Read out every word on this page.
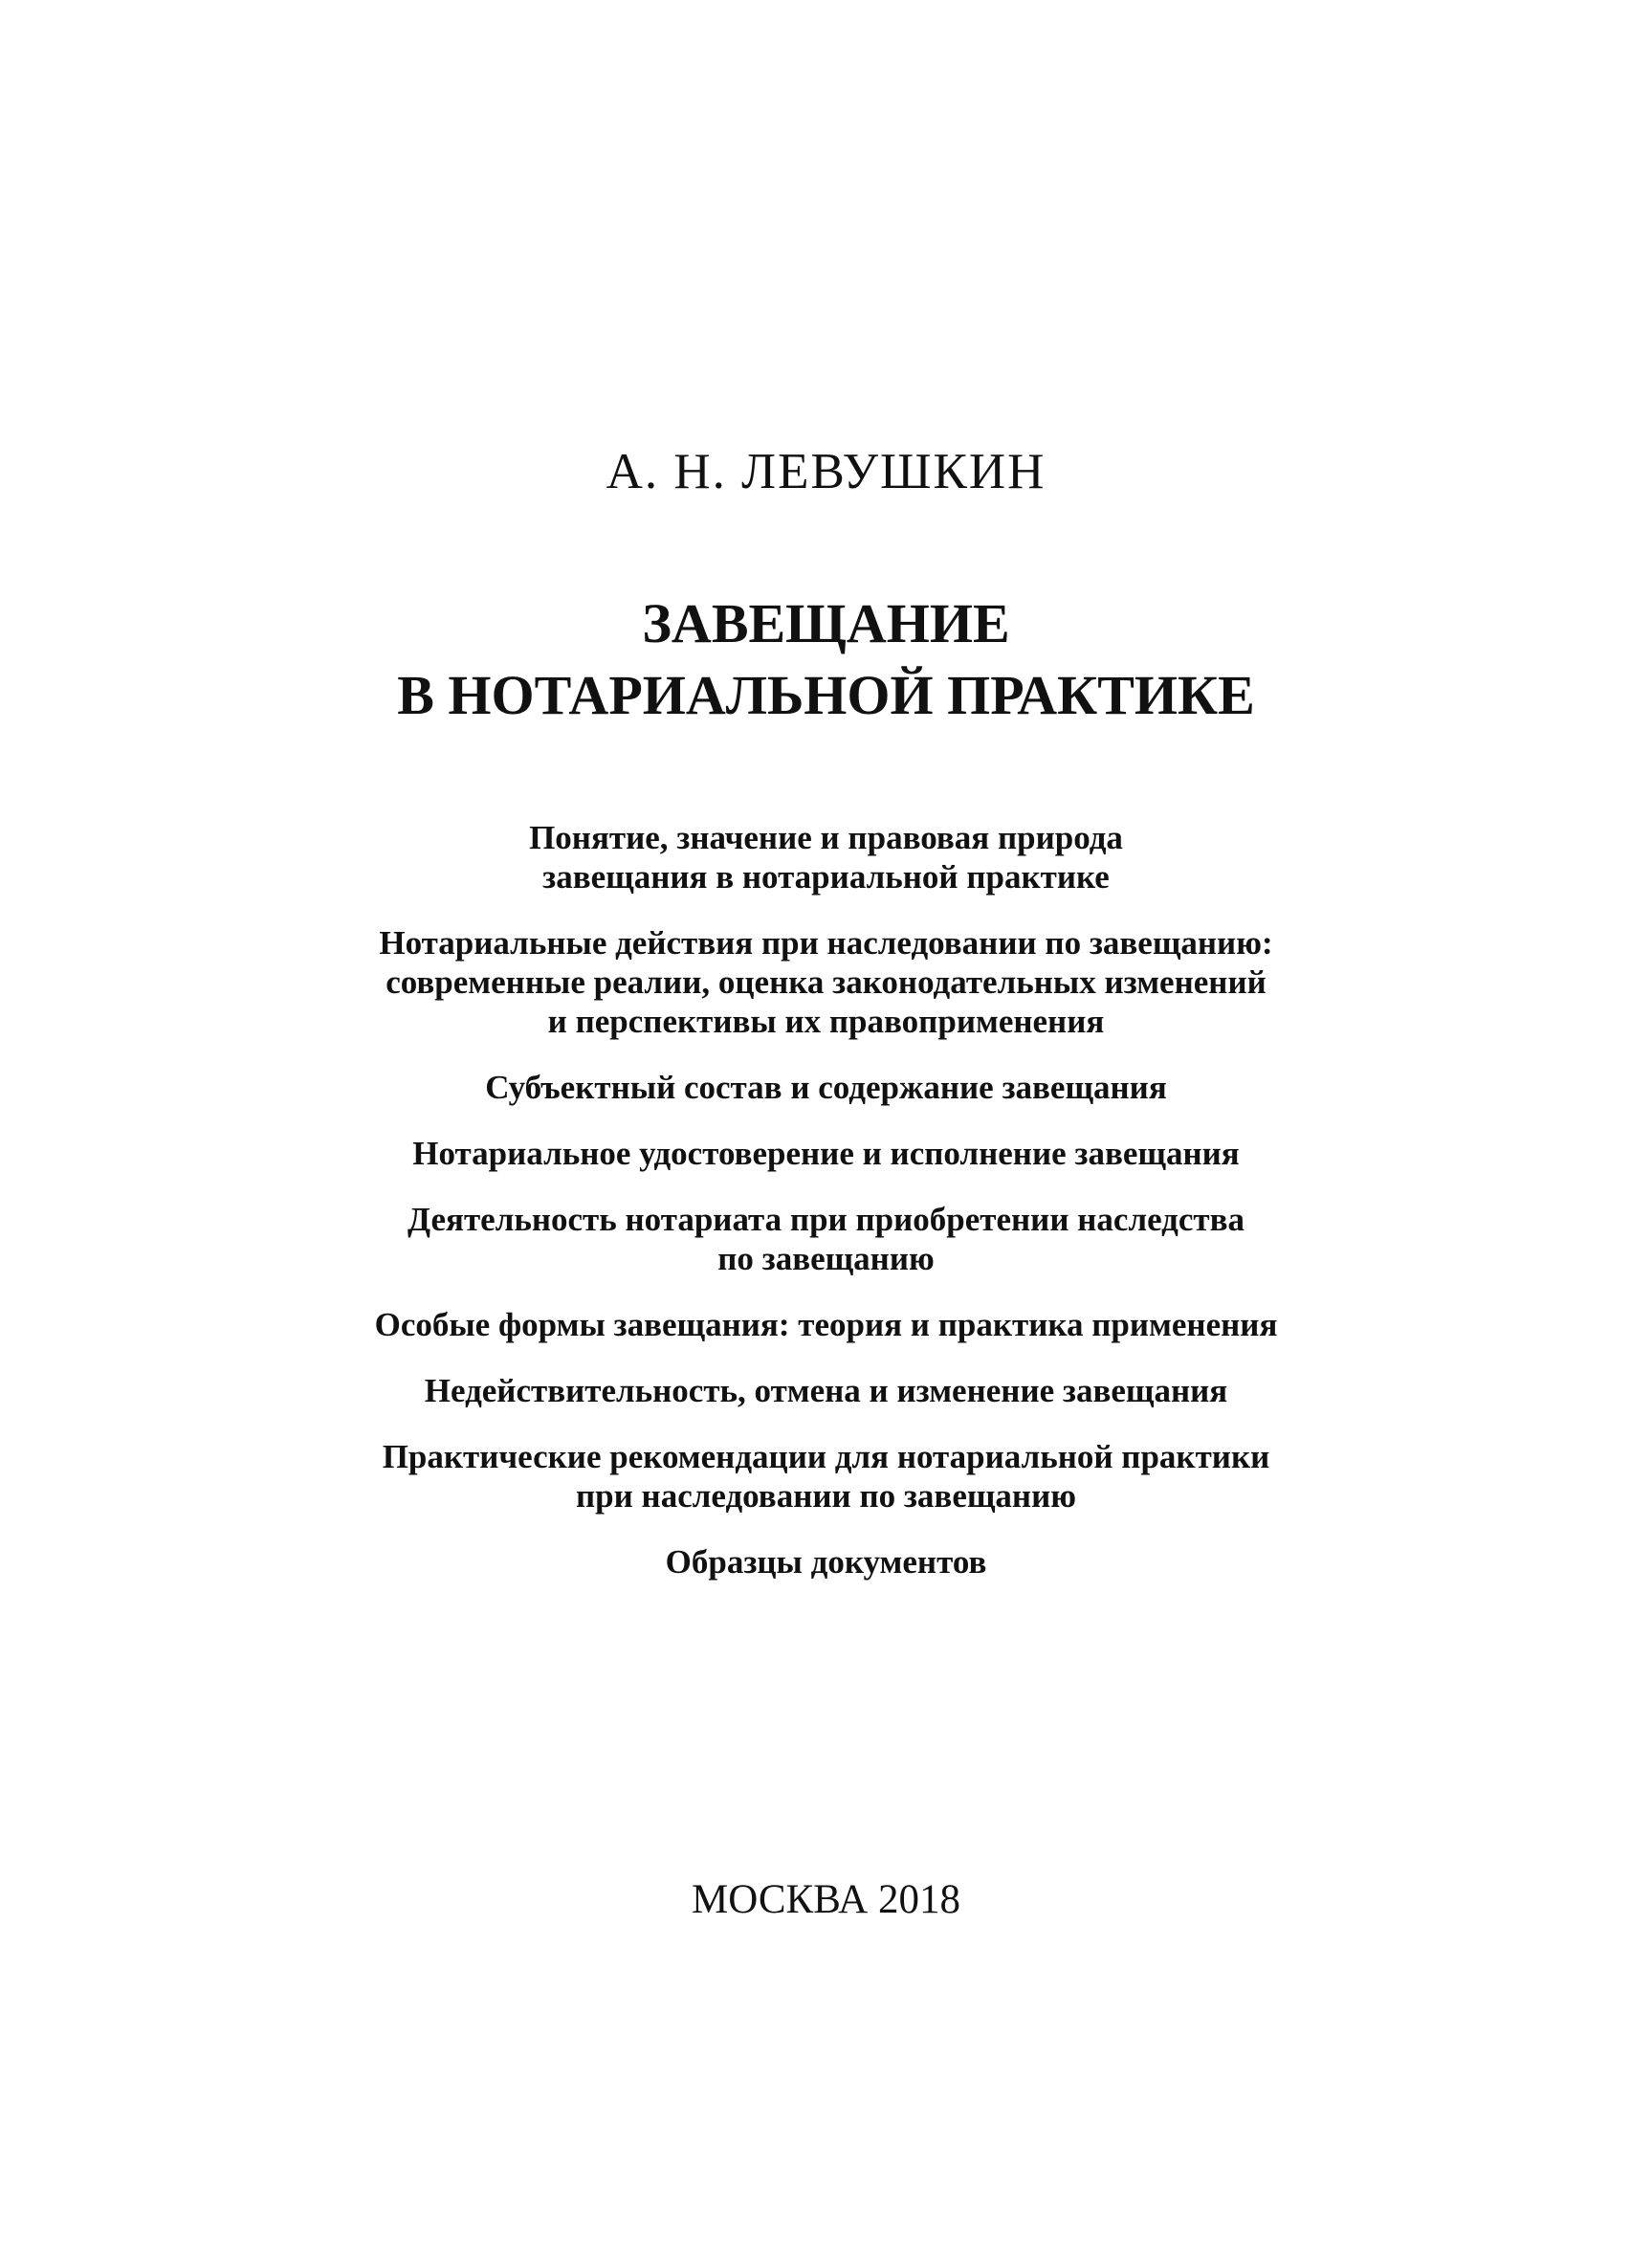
А. Н. ЛЕВУШКИН
ЗАВЕЩАНИЕ
В НОТАРИАЛЬНОЙ ПРАКТИКЕ
Понятие, значение и правовая природа
завещания в нотариальной практике
Нотариальные действия при наследовании по завещанию:
современные реалии, оценка законодательных изменений
и перспективы их правоприменения
Субъектный состав и содержание завещания
Нотариальное удостоверение и исполнение завещания
Деятельность нотариата при приобретении наследства
по завещанию
Особые формы завещания: теория и практика применения
Недействительность, отмена и изменение завещания
Практические рекомендации для нотариальной практики
при наследовании по завещанию
Образцы документов
МОСКВА 2018
